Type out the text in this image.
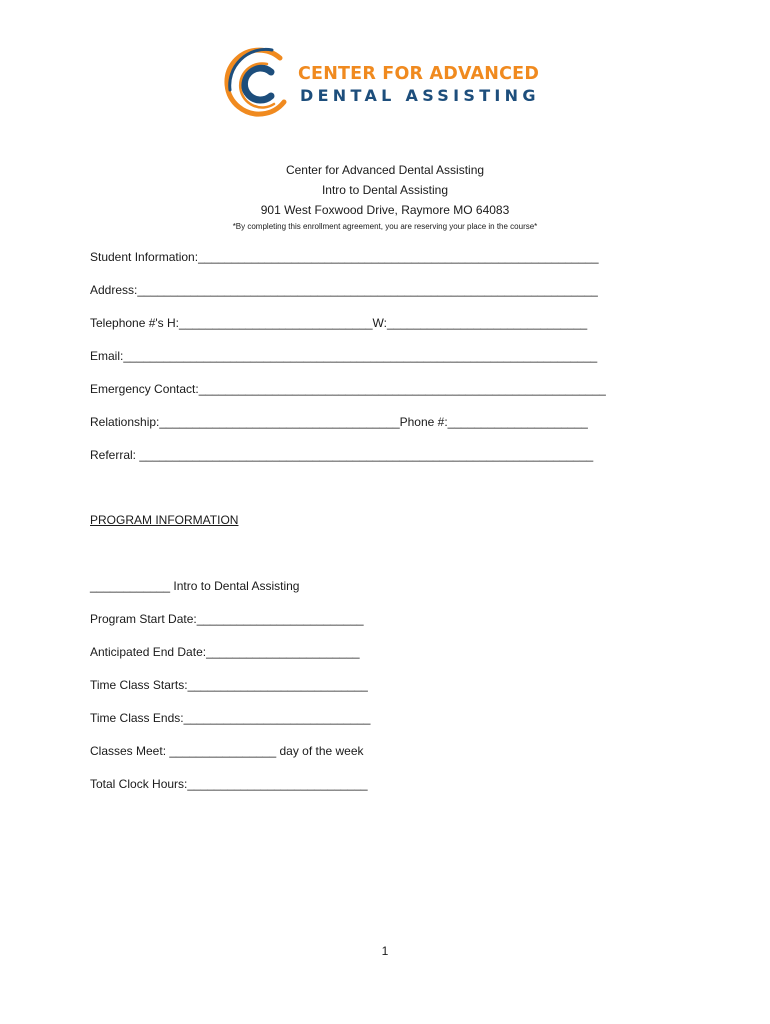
CENTER FOR ADVANCED
DENTAL ASSISTING
Center for Advanced Dental Assisting
Intro to Dental Assisting
901 West Foxwood Drive, Raymore MO 64083
*By completing this enrollment agreement, you are reserving your place in the course*
Student Information:____________________________________________________________
Address:_____________________________________________________________________
Telephone #'s H:_____________________________W:______________________________
Email:_______________________________________________________________________
Emergency Contact:_____________________________________________________________
Relationship:____________________________________Phone #:_____________________
Referral: ____________________________________________________________________
PROGRAM INFORMATION
____________ Intro to Dental Assisting
Program Start Date:_________________________
Anticipated End Date:_______________________
Time Class Starts:___________________________
Time Class Ends:____________________________
Classes Meet: ________________ day of the week
Total Clock Hours:___________________________
1
